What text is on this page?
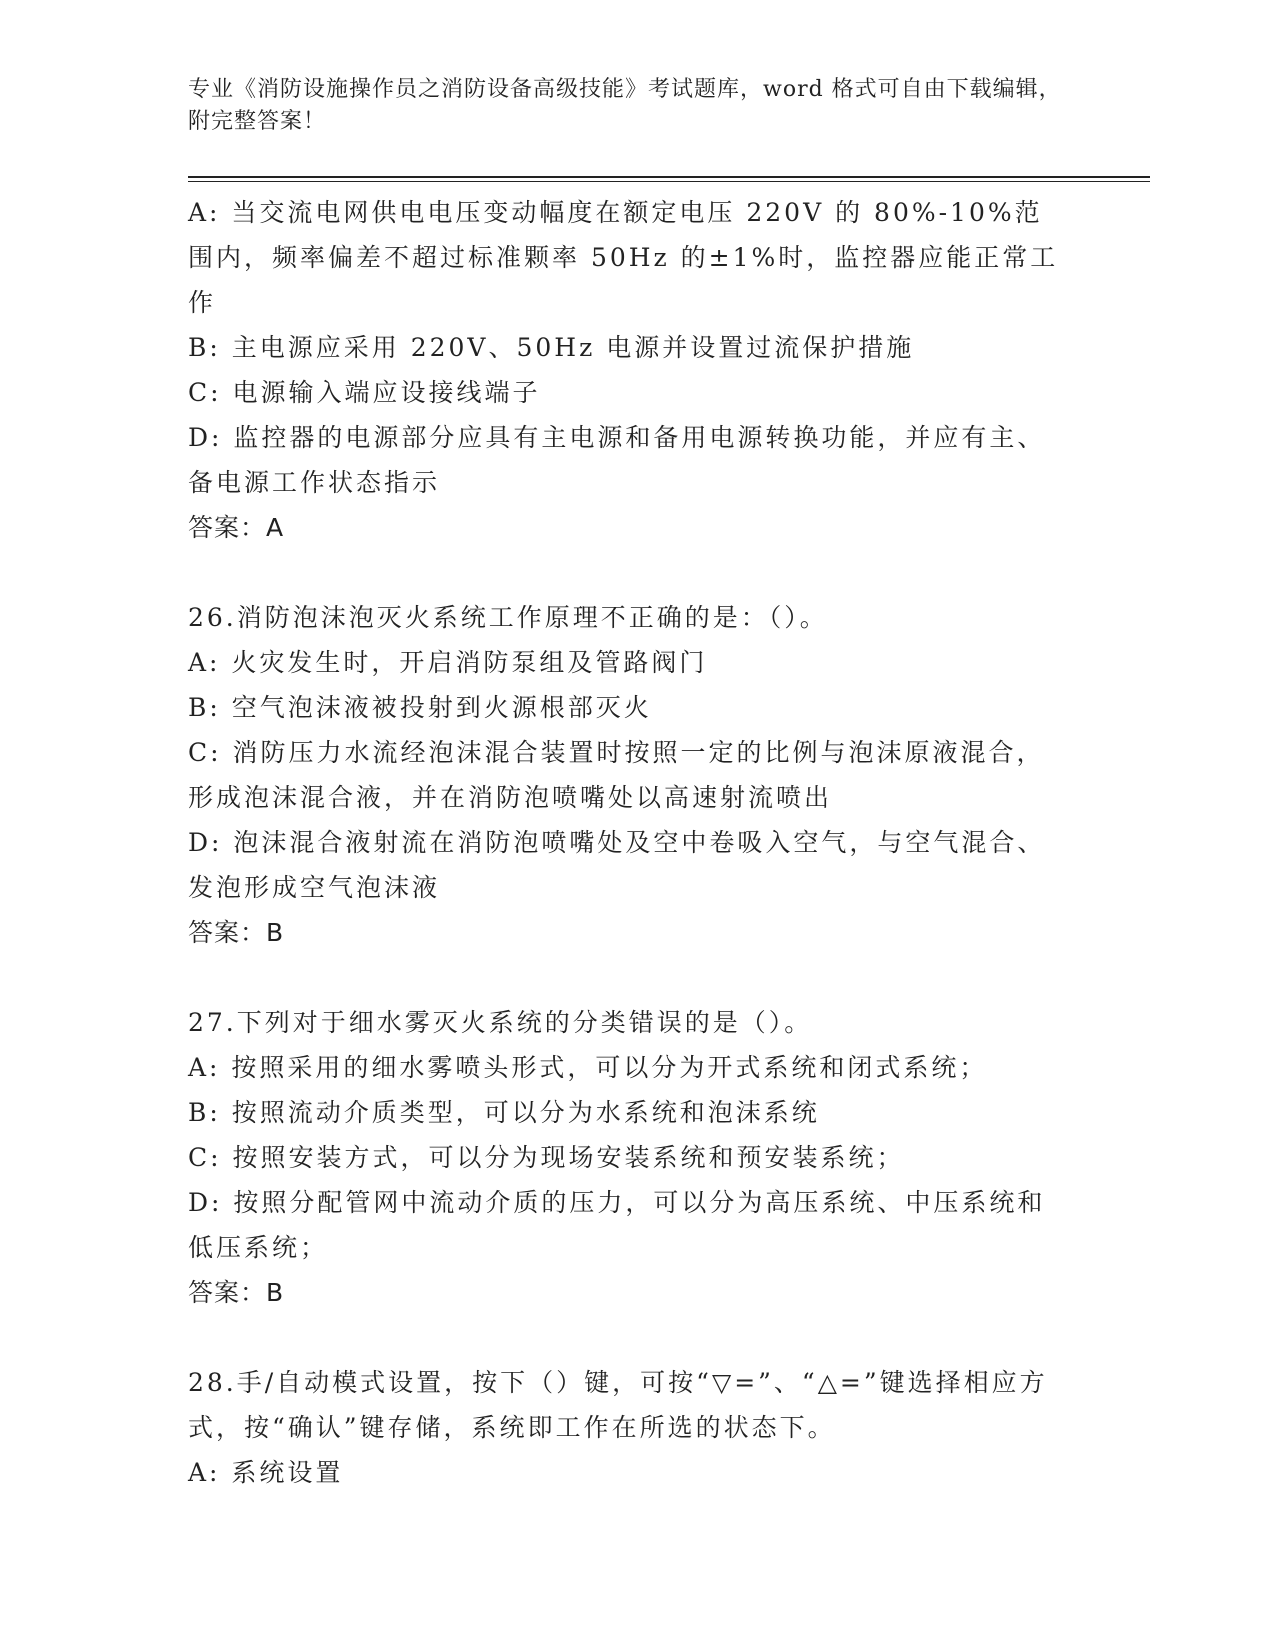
专业《消防设施操作员之消防设备高级技能》考试题库，word 格式可自由下载编辑，附完整答案！

A: 当交流电网供电电压变动幅度在额定电压 220V 的 80%-10%范围内，频率偏差不超过标准颗率 50Hz 的±1%时，监控器应能正常工作

B: 主电源应采用 220V、50Hz 电源并设置过流保护措施

C: 电源输入端应设接线端子

D: 监控器的电源部分应具有主电源和备用电源转换功能，并应有主、备电源工作状态指示

答案：A

26.消防泡沫泡灭火系统工作原理不正确的是：（）。

A: 火灾发生时，开启消防泵组及管路阀门

B: 空气泡沫液被投射到火源根部灭火

C: 消防压力水流经泡沫混合装置时按照一定的比例与泡沫原液混合，形成泡沫混合液，并在消防泡喷嘴处以高速射流喷出

D: 泡沫混合液射流在消防泡喷嘴处及空中卷吸入空气，与空气混合、发泡形成空气泡沫液

答案：B

27.下列对于细水雾灭火系统的分类错误的是（）。

A: 按照采用的细水雾喷头形式，可以分为开式系统和闭式系统；

B: 按照流动介质类型，可以分为水系统和泡沫系统

C: 按照安装方式，可以分为现场安装系统和预安装系统；

D: 按照分配管网中流动介质的压力，可以分为高压系统、中压系统和低压系统；

答案：B

28.手/自动模式设置，按下（）键，可按“▽=”、“△=”键选择相应方式，按“确认”键存储，系统即工作在所选的状态下。

A: 系统设置
